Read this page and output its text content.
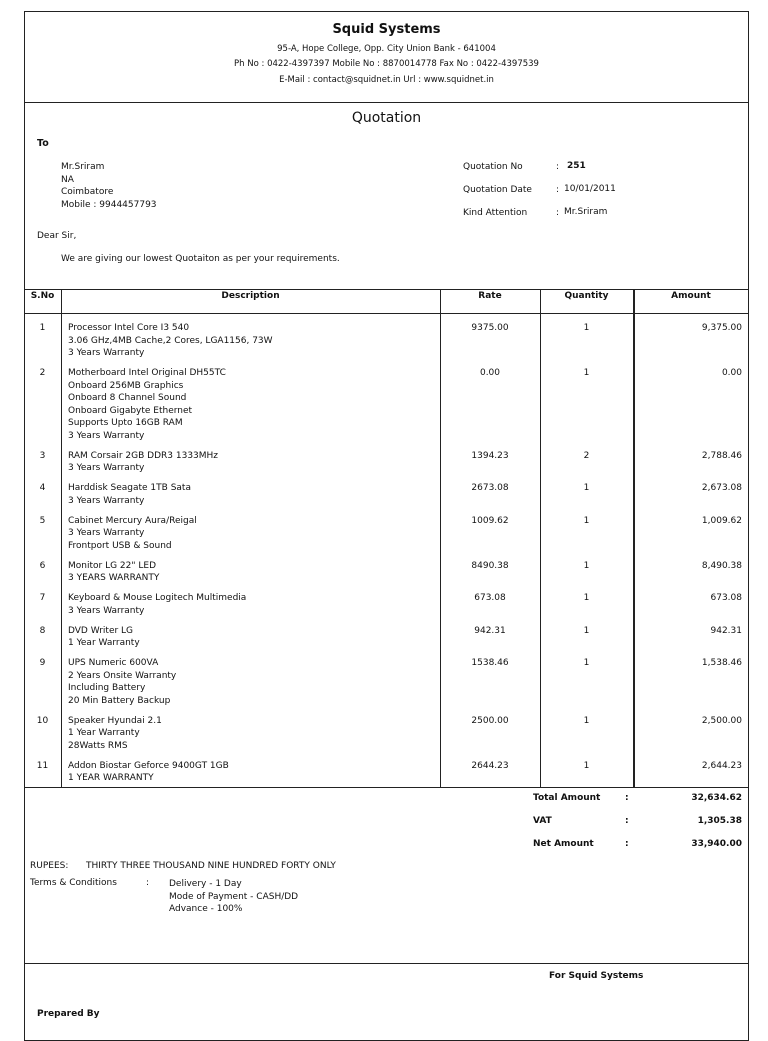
Squid Systems
95-A, Hope College, Opp. City Union Bank - 641004
Ph No : 0422-4397397 Mobile No : 8870014778 Fax No : 0422-4397539
E-Mail : contact@squidnet.in Url : www.squidnet.in
Quotation
To
Mr.Sriram
NA
Coimbatore
Mobile : 9944457793
Quotation No	: 251
Quotation Date	: 10/01/2011
Kind Attention	: Mr.Sriram
Dear Sir,
We are giving our lowest Quotaiton as per your requirements.
S.No	Description	Rate	Quantity	Amount
1	Processor Intel Core I3 540
3.06 GHz,4MB Cache,2 Cores, LGA1156, 73W
3 Years Warranty
9375.00	1	9,375.00
2	Motherboard Intel Original DH55TC
Onboard 256MB Graphics
Onboard 8 Channel Sound
Onboard Gigabyte Ethernet
Supports Upto 16GB RAM
3 Years Warranty
0.00	1	0.00
3	RAM Corsair 2GB DDR3 1333MHz
3 Years Warranty
1394.23	2	2,788.46
4	Harddisk Seagate 1TB Sata
3 Years Warranty
2673.08	1	2,673.08
5	Cabinet Mercury Aura/Reigal
3 Years Warranty
Frontport USB & Sound
1009.62	1	1,009.62
6	Monitor LG 22" LED
3 YEARS WARRANTY
8490.38	1	8,490.38
7	Keyboard & Mouse Logitech Multimedia
3 Years Warranty
673.08	1	673.08
8	DVD Writer LG
1 Year Warranty
942.31	1	942.31
9	UPS Numeric 600VA
2 Years Onsite Warranty
Including Battery
20 Min Battery Backup
1538.46	1	1,538.46
10	Speaker Hyundai 2.1
1 Year Warranty
28Watts RMS
2500.00	1	2,500.00
11	Addon Biostar Geforce 9400GT 1GB
1 YEAR WARRANTY
2644.23	1	2,644.23
Total Amount	:	32,634.62
VAT	:	1,305.38
Net Amount	:	33,940.00
RUPEES: THIRTY THREE THOUSAND NINE HUNDRED FORTY ONLY
Terms & Conditions	: Delivery - 1 Day
Mode of Payment - CASH/DD
Advance - 100%
For Squid Systems
Prepared By
